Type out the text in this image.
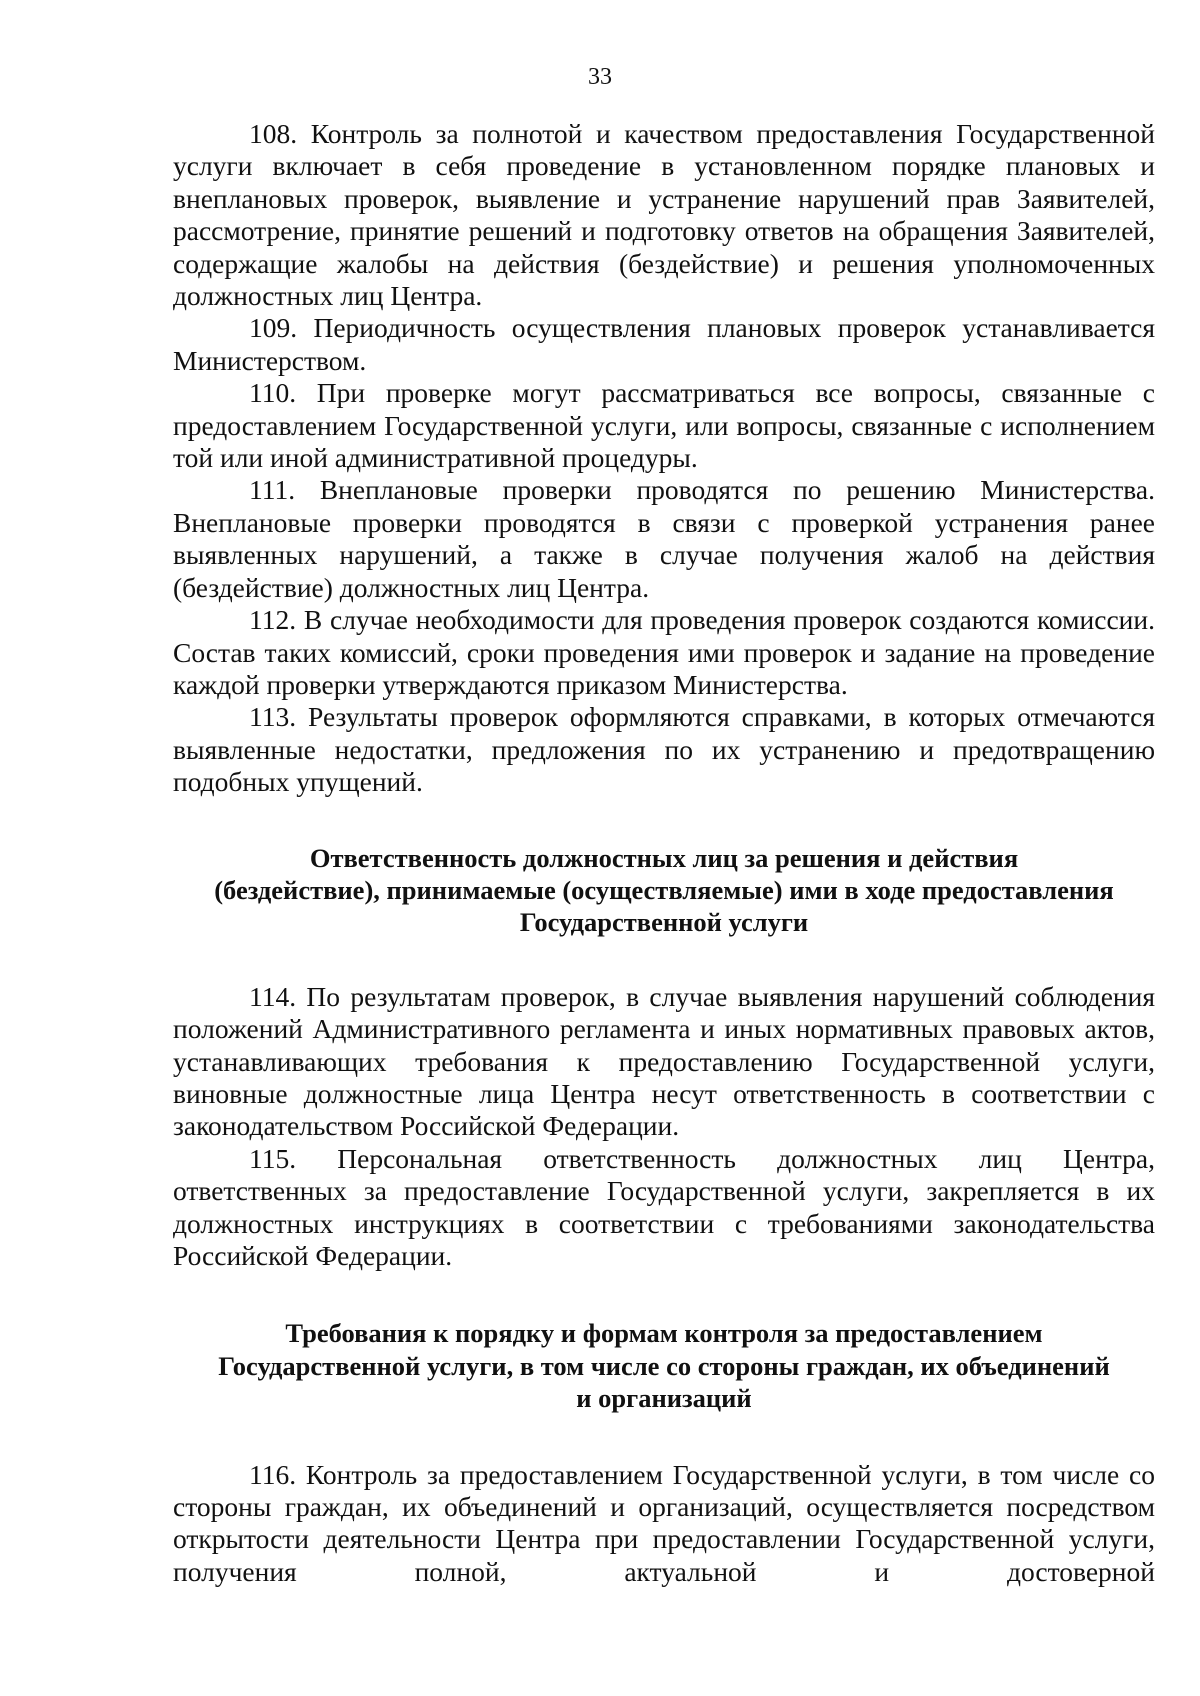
33

108. Контроль за полнотой и качеством предоставления Государственной услуги включает в себя проведение в установленном порядке плановых и внеплановых проверок, выявление и устранение нарушений прав Заявителей, рассмотрение, принятие решений и подготовку ответов на обращения Заявителей, содержащие жалобы на действия (бездействие) и решения уполномоченных должностных лиц Центра.

109. Периодичность осуществления плановых проверок устанавливается Министерством.

110. При проверке могут рассматриваться все вопросы, связанные с предоставлением Государственной услуги, или вопросы, связанные с исполнением той или иной административной процедуры.

111. Внеплановые проверки проводятся по решению Министерства. Внеплановые проверки проводятся в связи с проверкой устранения ранее выявленных нарушений, а также в случае получения жалоб на действия (бездействие) должностных лиц Центра.

112. В случае необходимости для проведения проверок создаются комиссии. Состав таких комиссий, сроки проведения ими проверок и задание на проведение каждой проверки утверждаются приказом Министерства.

113. Результаты проверок оформляются справками, в которых отмечаются выявленные недостатки, предложения по их устранению и предотвращению подобных упущений.

Ответственность должностных лиц за решения и действия
(бездействие), принимаемые (осуществляемые) ими в ходе предоставления
Государственной услуги

114. По результатам проверок, в случае выявления нарушений соблюдения положений Административного регламента и иных нормативных правовых актов, устанавливающих требования к предоставлению Государственной услуги, виновные должностные лица Центра несут ответственность в соответствии с законодательством Российской Федерации.

115. Персональная ответственность должностных лиц Центра, ответственных за предоставление Государственной услуги, закрепляется в их должностных инструкциях в соответствии с требованиями законодательства Российской Федерации.

Требования к порядку и формам контроля за предоставлением
Государственной услуги, в том числе со стороны граждан, их объединений
и организаций

116. Контроль за предоставлением Государственной услуги, в том числе со стороны граждан, их объединений и организаций, осуществляется посредством открытости деятельности Центра при предоставлении Государственной услуги, получения полной, актуальной и достоверной
